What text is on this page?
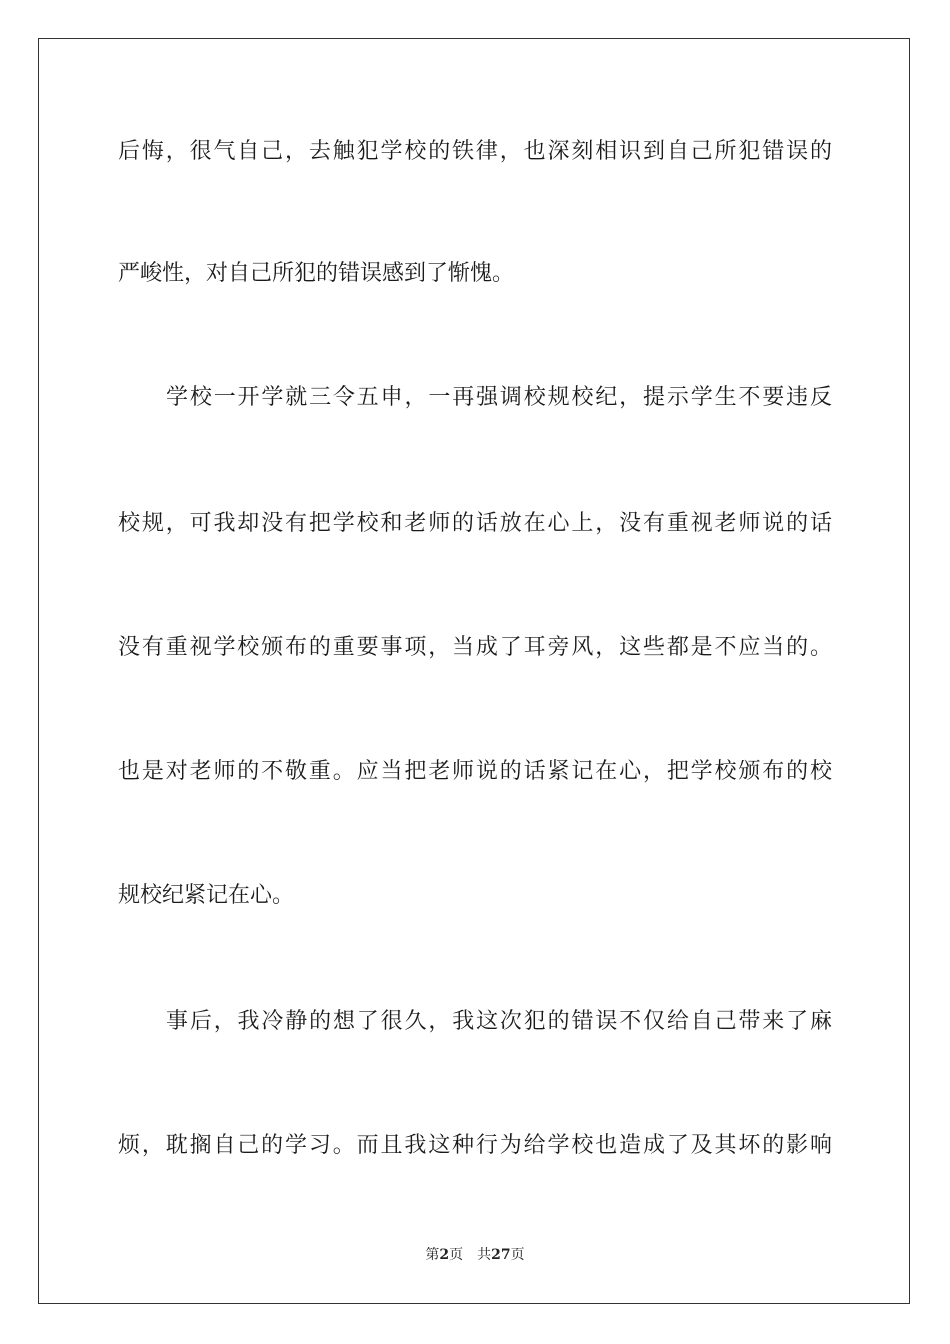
后悔，很气自己，去触犯学校的铁律，也深刻相识到自己所犯错误的
严峻性，对自己所犯的错误感到了惭愧。
学校一开学就三令五申，一再强调校规校纪，提示学生不要违反
校规，可我却没有把学校和老师的话放在心上，没有重视老师说的话
没有重视学校颁布的重要事项，当成了耳旁风，这些都是不应当的。
也是对老师的不敬重。应当把老师说的话紧记在心，把学校颁布的校
规校纪紧记在心。
事后，我冷静的想了很久，我这次犯的错误不仅给自己带来了麻
烦，耽搁自己的学习。而且我这种行为给学校也造成了及其坏的影响
第2页 共27页
